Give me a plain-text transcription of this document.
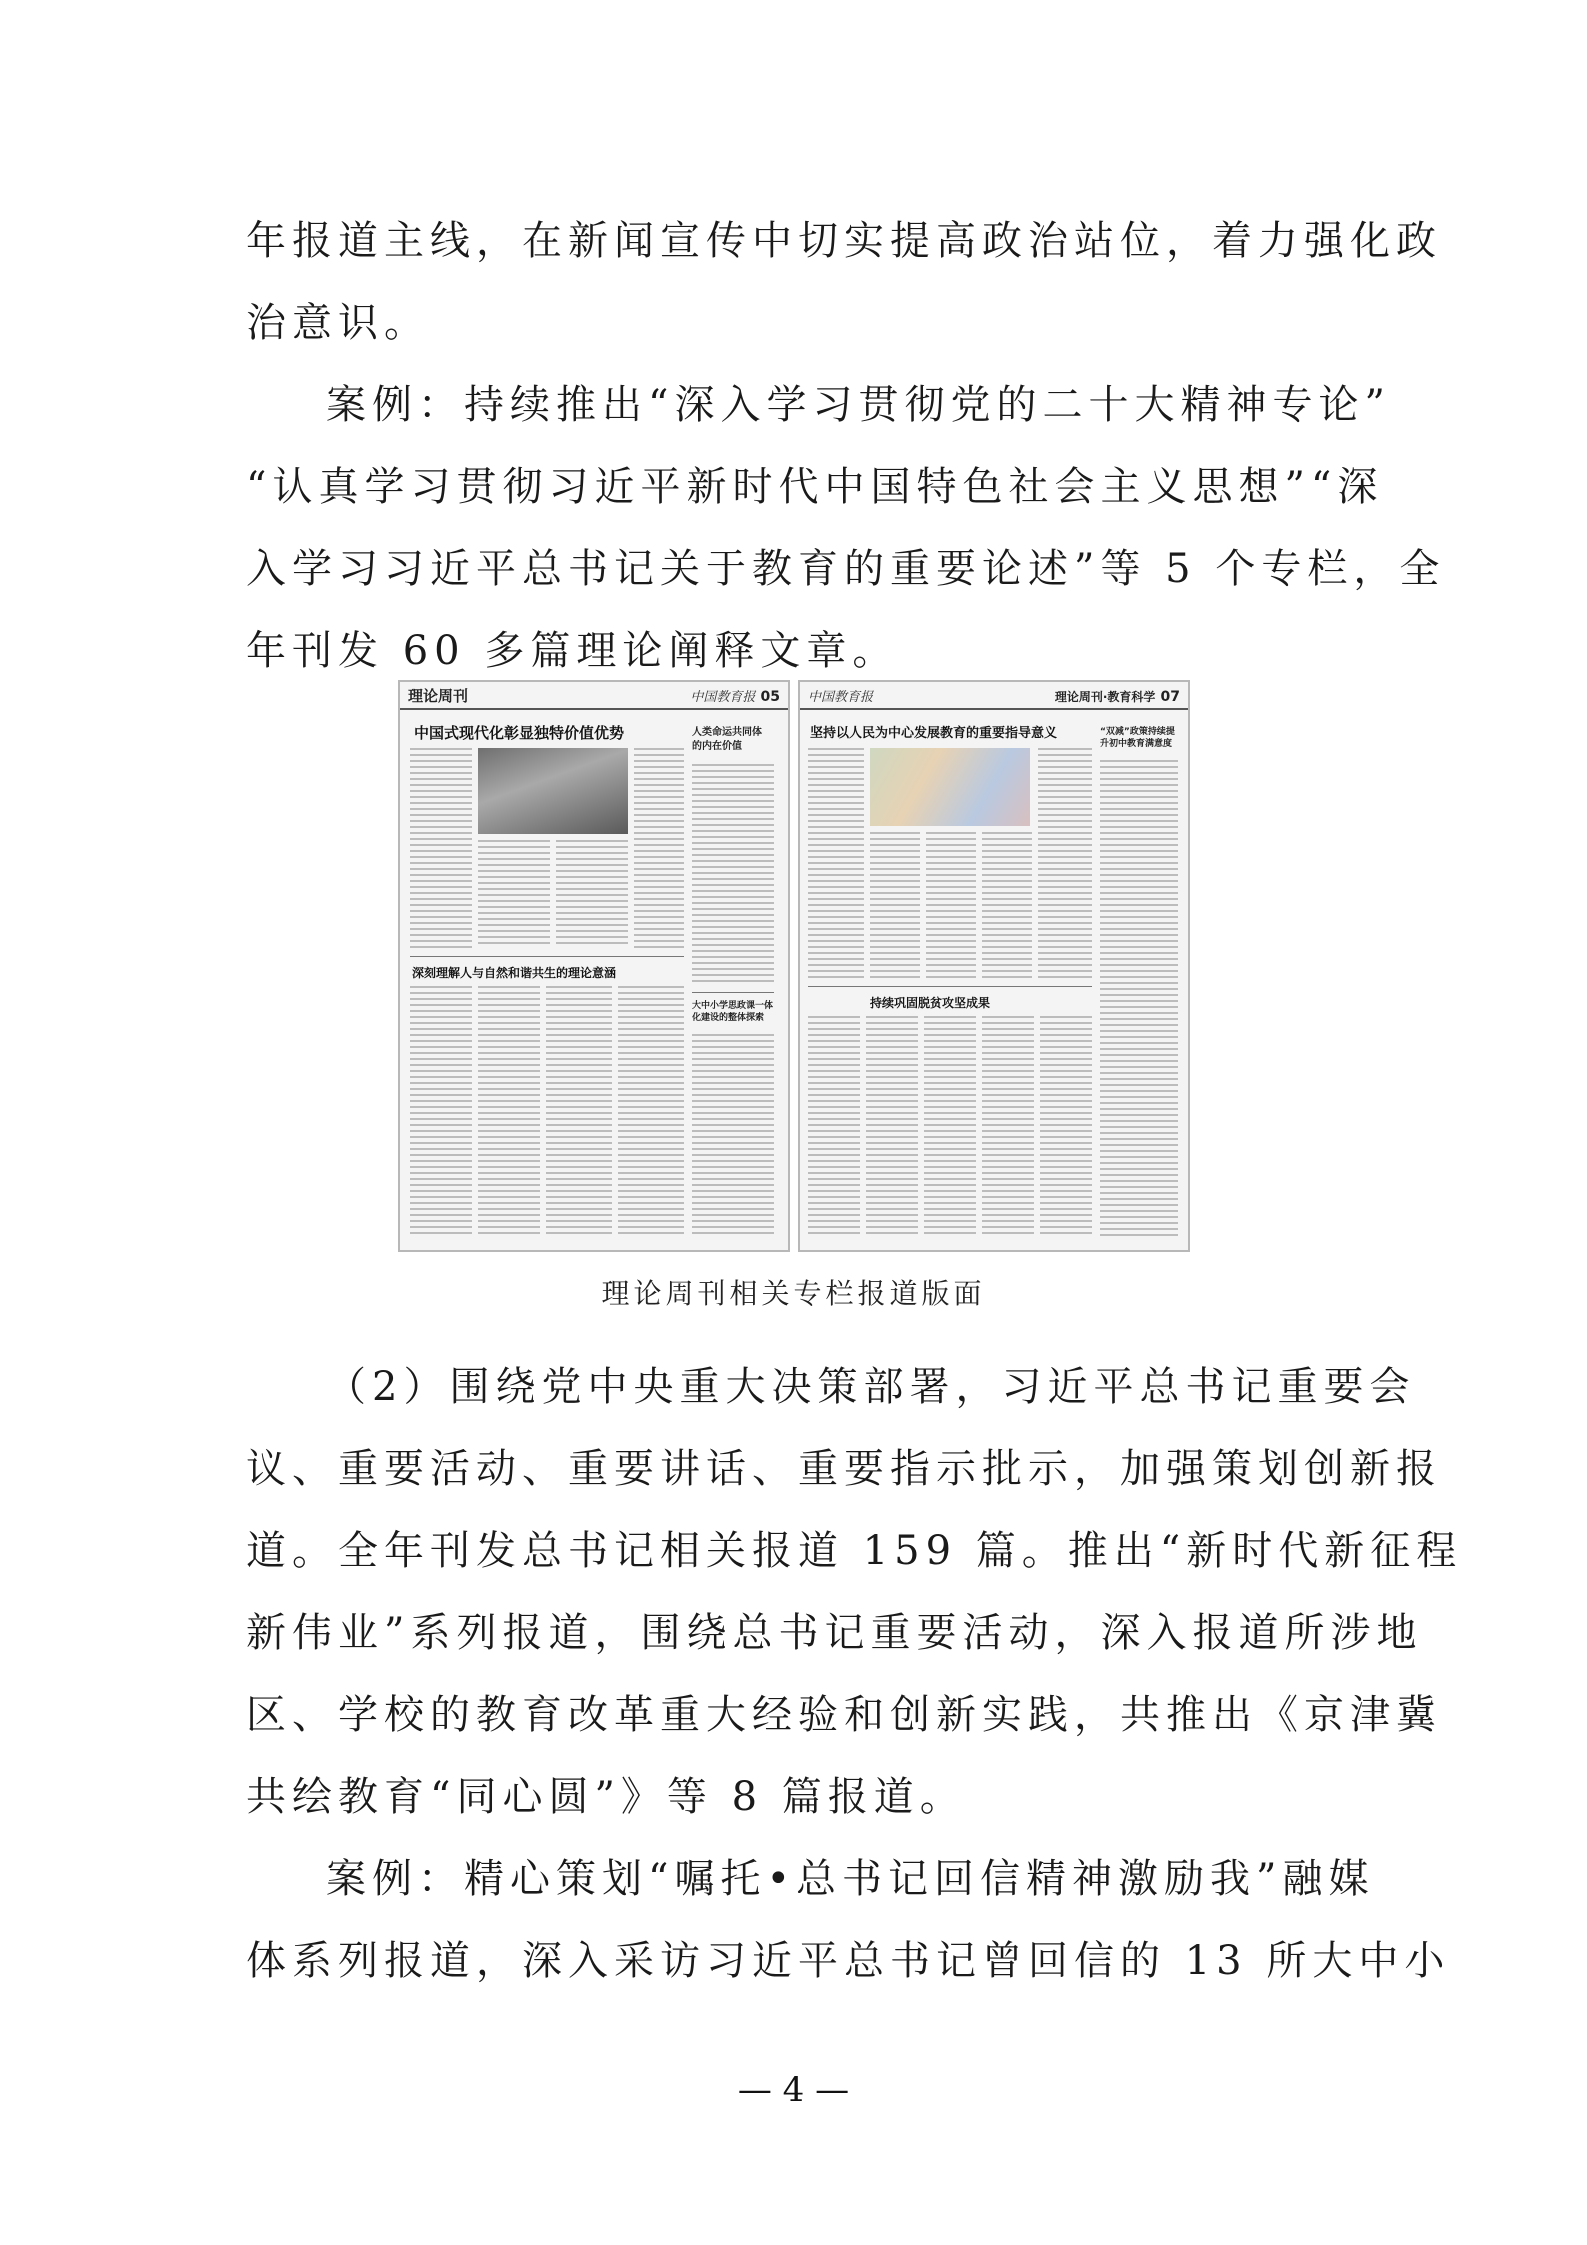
年报道主线，在新闻宣传中切实提高政治站位，着力强化政
治意识。
案例：持续推出“深入学习贯彻党的二十大精神专论”
“认真学习贯彻习近平新时代中国特色社会主义思想”“深
入学习习近平总书记关于教育的重要论述”等 5 个专栏，全
年刊发 60 多篇理论阐释文章。
理论周刊	中国教育报 05
中国式现代化彰显独特价值优势	人类命运共同体的内在价值
深刻理解人与自然和谐共生的理论意涵
大中小学思政课一体化建设的整体探索
中国教育报	理论周刊·教育科学 07
坚持以人民为中心发展教育的重要指导意义	“双减”政策持续提升初中教育满意度
持续巩固脱贫攻坚成果
理论周刊相关专栏报道版面
（2）围绕党中央重大决策部署，习近平总书记重要会
议、重要活动、重要讲话、重要指示批示，加强策划创新报
道。全年刊发总书记相关报道 159 篇。推出“新时代新征程
新伟业”系列报道，围绕总书记重要活动，深入报道所涉地
区、学校的教育改革重大经验和创新实践，共推出《京津冀
共绘教育“同心圆”》等 8 篇报道。
案例：精心策划“嘱托•总书记回信精神激励我”融媒
体系列报道，深入采访习近平总书记曾回信的 13 所大中小
— 4 —
